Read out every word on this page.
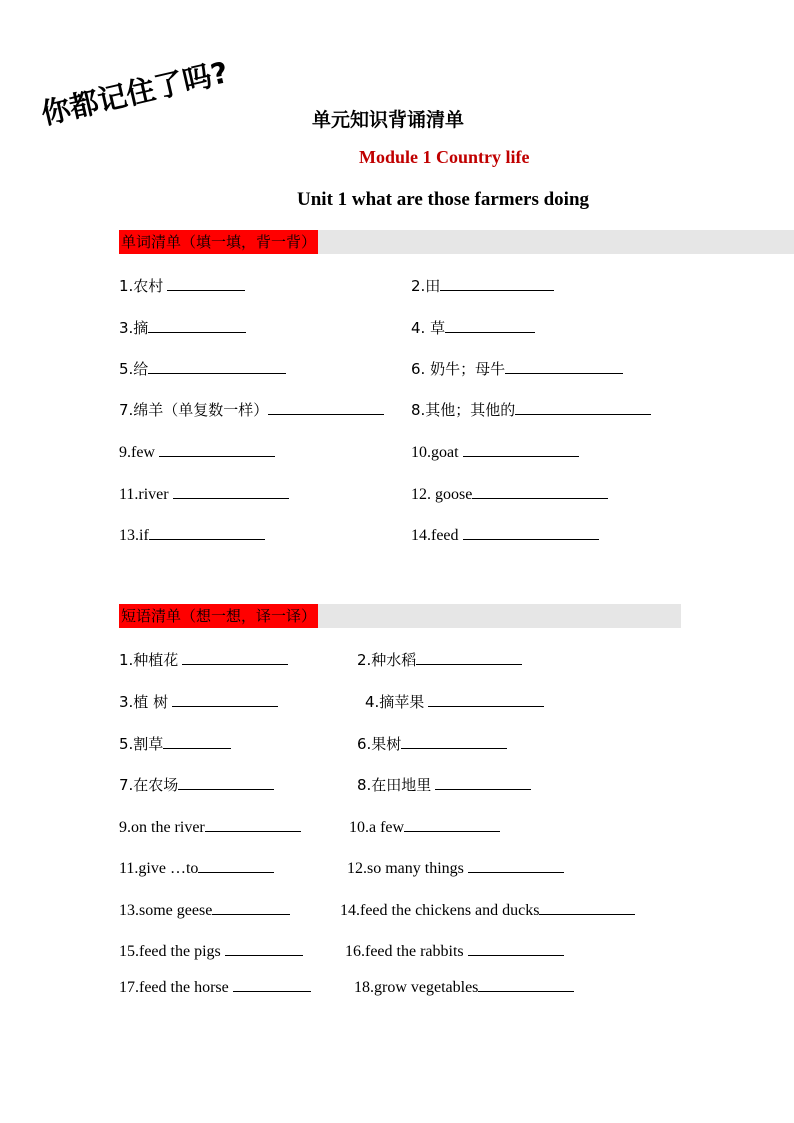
你都记住了吗?	单元知识背诵清单
Module 1 Country life
Unit 1 what are those farmers doing
单词清单（填一填，背一背）
1.农村	2.田
3.摘	4. 草
5.给	6. 奶牛；母牛
7.绵羊（单复数一样）	8.其他；其他的
9.few	10.goat
11.river	12. goose
13.if	14.feed
短语清单（想一想，译一译）
1.种植花	2.种水稻
3.植 树	4.摘苹果
5.割草	6.果树
7.在农场	8.在田地里
9.on the river	10.a few
11.give …to	12.so many things
13.some geese	14.feed the chickens and ducks
15.feed the pigs	16.feed the rabbits
17.feed the horse	18.grow vegetables
